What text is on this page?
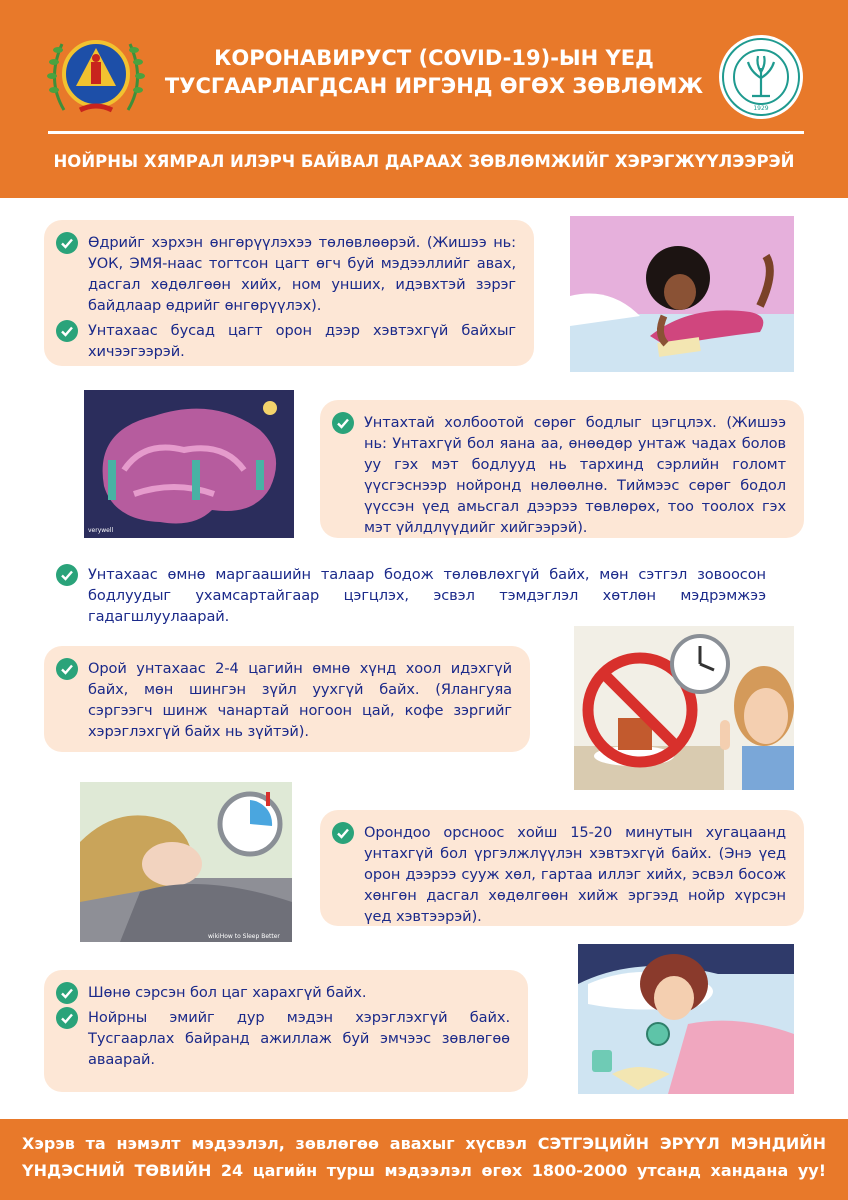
КОРОНАВИРУСТ (COVID-19)-ЫН ҮЕД
ТУСГААРЛАГДСАН ИРГЭНД ӨГӨХ ЗӨВЛӨМЖ
1929
НОЙРНЫ ХЯМРАЛ ИЛЭРЧ БАЙВАЛ ДАРААХ ЗӨВЛӨМЖИЙГ ХЭРЭГЖҮҮЛЭЭРЭЙ
Өдрийг хэрхэн өнгөрүүлэхээ төлөвлөөрэй. (Жишээ нь: УОК, ЭМЯ-наас тогтсон цагт өгч буй мэдээллийг авах, дасгал хөдөлгөөн хийх, ном унших, идэвхтэй зэрэг байдлаар өдрийг өнгөрүүлэх).
Унтахаас бусад цагт орон дээр хэвтэхгүй байхыг хичээгээрэй.
verywell
Унтахтай холбоотой сөрөг бодлыг цэгцлэх. (Жишээ нь: Унтахгүй бол яана аа, өнөөдөр унтаж чадах болов уу гэх мэт бодлууд нь тархинд сэрлийн голомт үүсгэснээр нойронд нөлөөлнө. Тиймээс сөрөг бодол үүссэн үед амьсгал дээрээ төвлөрөх, тоо тоолох гэх мэт үйлдлүүдийг хийгээрэй).
Унтахаас өмнө маргаашийн талаар бодож төлөвлөхгүй байх, мөн сэтгэл зовоосон бодлуудыг ухамсартайгаар цэгцлэх, эсвэл тэмдэглэл хөтлөн мэдрэмжээ гадагшлуулаарай.
Орой унтахаас 2-4 цагийн өмнө хүнд хоол идэхгүй байх, мөн шингэн зүйл уухгүй байх. (Ялангуяа сэргээгч шинж чанартай ногоон цай, кофе зэргийг хэрэглэхгүй байх нь зүйтэй).
wikiHow to Sleep Better
Орондоо орсноос хойш 15-20 минутын хугацаанд унтахгүй бол үргэлжлүүлэн хэвтэхгүй байх. (Энэ үед орон дээрээ сууж хөл, гартаа иллэг хийх, эсвэл босож хөнгөн дасгал хөдөлгөөн хийж эргээд нойр хүрсэн үед хэвтээрэй).
Шөнө сэрсэн бол цаг харахгүй байх.
Нойрны эмийг дур мэдэн хэрэглэхгүй байх. Тусгаарлах байранд ажиллаж буй эмчээс зөвлөгөө аваарай.
Хэрэв та нэмэлт мэдээлэл, зөвлөгөө авахыг хүсвэл СЭТГЭЦИЙН ЭРҮҮЛ МЭНДИЙН
ҮНДЭСНИЙ ТӨВИЙН 24 цагийн турш мэдээлэл өгөх 1800-2000 утсанд хандана уу!
